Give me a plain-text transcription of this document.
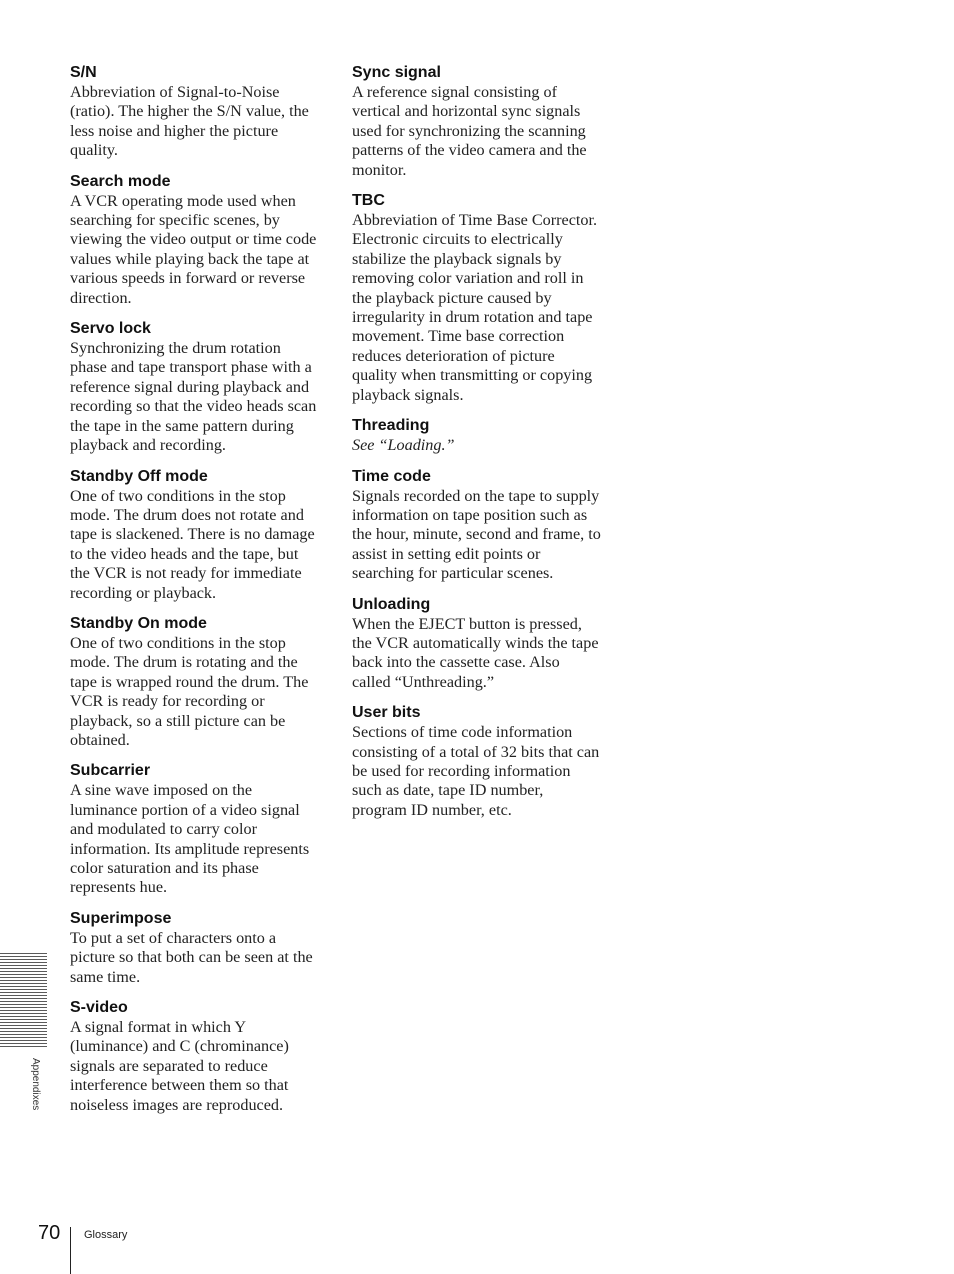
S/N
Abbreviation of Signal-to-Noise (ratio). The higher the S/N value, the less noise and higher the picture quality.
Search mode
A VCR operating mode used when searching for specific scenes, by viewing the video output or time code values while playing back the tape at various speeds in forward or reverse direction.
Servo lock
Synchronizing the drum rotation phase and tape transport phase with a reference signal during playback and recording so that the video heads scan the tape in the same pattern during playback and recording.
Standby Off mode
One of two conditions in the stop mode. The drum does not rotate and tape is slackened. There is no damage to the video heads and the tape, but the VCR is not ready for immediate recording or playback.
Standby On mode
One of two conditions in the stop mode. The drum is rotating and the tape is wrapped round the drum. The VCR is ready for recording or playback, so a still picture can be obtained.
Subcarrier
A sine wave imposed on the luminance portion of a video signal and modulated to carry color information. Its amplitude represents color saturation and its phase represents hue.
Superimpose
To put a set of characters onto a picture so that both can be seen at the same time.
S-video
A signal format in which Y (luminance) and C (chrominance) signals are separated to reduce interference between them so that noiseless images are reproduced.
Sync signal
A reference signal consisting of vertical and horizontal sync signals used for synchronizing the scanning patterns of the video camera and the monitor.
TBC
Abbreviation of Time Base Corrector. Electronic circuits to electrically stabilize the playback signals by removing color variation and roll in the playback picture caused by irregularity in drum rotation and tape movement. Time base correction reduces deterioration of picture quality when transmitting or copying playback signals.
Threading
See “Loading.”
Time code
Signals recorded on the tape to supply information on tape position such as the hour, minute, second and frame, to assist in setting edit points or searching for particular scenes.
Unloading
When the EJECT button is pressed, the VCR automatically winds the tape back into the cassette case. Also called “Unthreading.”
User bits
Sections of time code information consisting of a total of 32 bits that can be used for recording information such as date, tape ID number, program ID number, etc.
Appendixes
70 Glossary
